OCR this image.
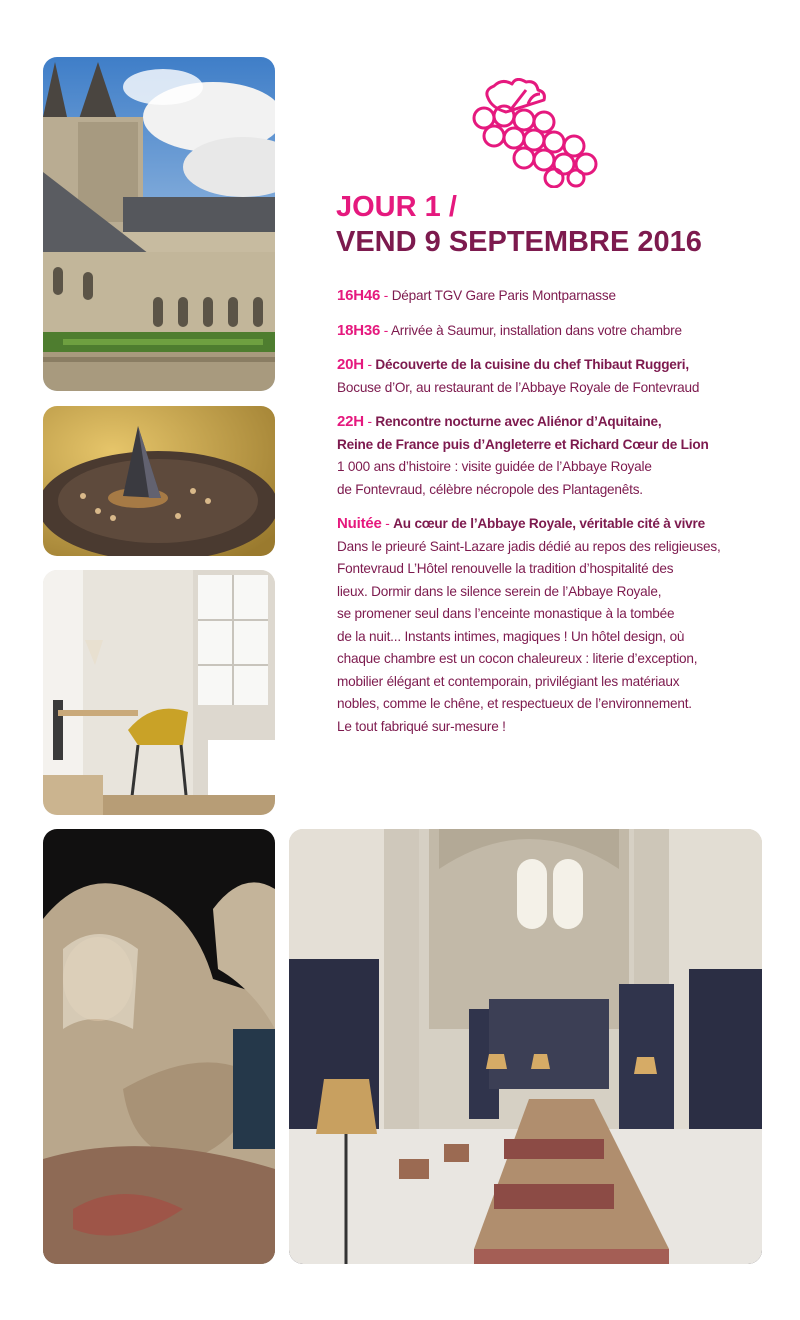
JOUR 1 /
VEND 9 SEPTEMBRE 2016
16H46 - Départ TGV Gare Paris Montparnasse
18H36 - Arrivée à Saumur, installation dans votre chambre
20H - Découverte de la cuisine du chef Thibaut Ruggeri,
Bocuse d’Or, au restaurant de l’Abbaye Royale de Fontevraud
22H - Rencontre nocturne avec Aliénor d’Aquitaine,
Reine de France puis d’Angleterre et Richard Cœur de Lion
1 000 ans d’histoire : visite guidée de l’Abbaye Royale
de Fontevraud, célèbre nécropole des Plantagenêts.
Nuitée - Au cœur de l’Abbaye Royale, véritable cité à vivre
Dans le prieuré Saint-Lazare jadis dédié au repos des religieuses,
Fontevraud L’Hôtel renouvelle la tradition d’hospitalité des
lieux. Dormir dans le silence serein de l’Abbaye Royale,
se promener seul dans l’enceinte monastique à la tombée
de la nuit... Instants intimes, magiques ! Un hôtel design, où
chaque chambre est un cocon chaleureux : literie d’exception,
mobilier élégant et contemporain, privilégiant les matériaux
nobles, comme le chêne, et respectueux de l’environnement.
Le tout fabriqué sur-mesure !
